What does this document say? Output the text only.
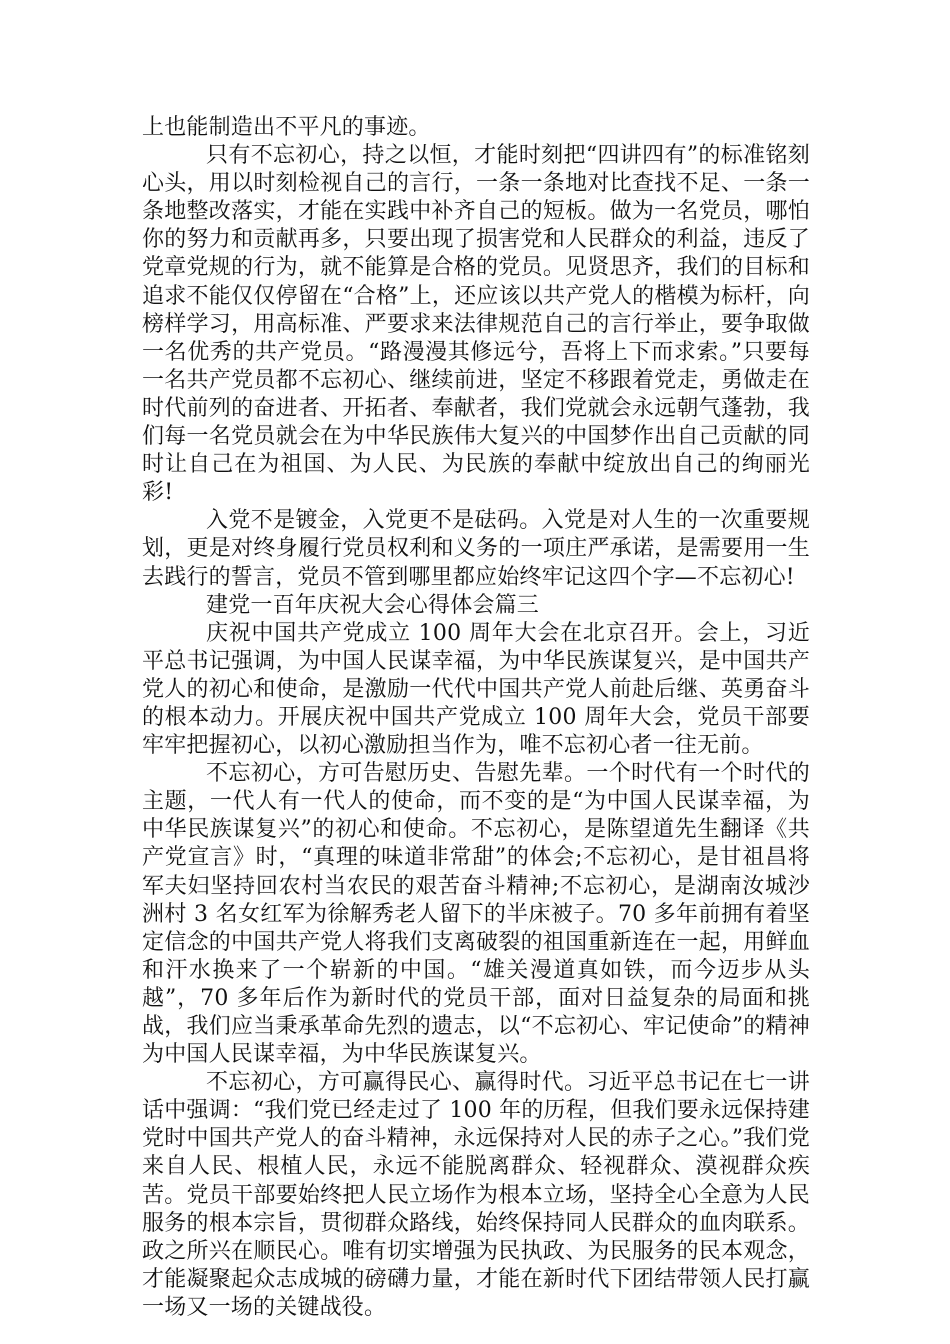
上也能制造出不平凡的事迹。

只有不忘初心，持之以恒，才能时刻把“四讲四有”的标准铭刻心头，用以时刻检视自己的言行，一条一条地对比查找不足、一条一条地整改落实，才能在实践中补齐自己的短板。做为一名党员，哪怕你的努力和贡献再多，只要出现了损害党和人民群众的利益，违反了党章党规的行为，就不能算是合格的党员。见贤思齐，我们的目标和追求不能仅仅停留在“合格”上，还应该以共产党人的楷模为标杆，向榜样学习，用高标准、严要求来法律规范自己的言行举止，要争取做一名优秀的共产党员。“路漫漫其修远兮，吾将上下而求索。”只要每一名共产党员都不忘初心、继续前进，坚定不移跟着党走，勇做走在时代前列的奋进者、开拓者、奉献者，我们党就会永远朝气蓬勃，我们每一名党员就会在为中华民族伟大复兴的中国梦作出自己贡献的同时让自己在为祖国、为人民、为民族的奉献中绽放出自己的绚丽光彩!

入党不是镀金，入党更不是砝码。入党是对人生的一次重要规划，更是对终身履行党员权利和义务的一项庄严承诺，是需要用一生去践行的誓言，党员不管到哪里都应始终牢记这四个字—不忘初心!

建党一百年庆祝大会心得体会篇三

庆祝中国共产党成立 100 周年大会在北京召开。会上，习近平总书记强调，为中国人民谋幸福，为中华民族谋复兴，是中国共产党人的初心和使命，是激励一代代中国共产党人前赴后继、英勇奋斗的根本动力。开展庆祝中国共产党成立 100 周年大会，党员干部要牢牢把握初心，以初心激励担当作为，唯不忘初心者一往无前。

不忘初心，方可告慰历史、告慰先辈。一个时代有一个时代的主题，一代人有一代人的使命，而不变的是“为中国人民谋幸福，为中华民族谋复兴”的初心和使命。不忘初心，是陈望道先生翻译《共产党宣言》时，“真理的味道非常甜”的体会;不忘初心，是甘祖昌将军夫妇坚持回农村当农民的艰苦奋斗精神;不忘初心，是湖南汝城沙洲村 3 名女红军为徐解秀老人留下的半床被子。70 多年前拥有着坚定信念的中国共产党人将我们支离破裂的祖国重新连在一起，用鲜血和汗水换来了一个崭新的中国。“雄关漫道真如铁，而今迈步从头越”，70 多年后作为新时代的党员干部，面对日益复杂的局面和挑战，我们应当秉承革命先烈的遗志，以“不忘初心、牢记使命”的精神为中国人民谋幸福，为中华民族谋复兴。

不忘初心，方可赢得民心、赢得时代。习近平总书记在七一讲话中强调：“我们党已经走过了 100 年的历程，但我们要永远保持建党时中国共产党人的奋斗精神，永远保持对人民的赤子之心。”我们党来自人民、根植人民，永远不能脱离群众、轻视群众、漠视群众疾苦。党员干部要始终把人民立场作为根本立场，坚持全心全意为人民服务的根本宗旨，贯彻群众路线，始终保持同人民群众的血肉联系。政之所兴在顺民心。唯有切实增强为民执政、为民服务的民本观念，才能凝聚起众志成城的磅礴力量，才能在新时代下团结带领人民打赢一场又一场的关键战役。
